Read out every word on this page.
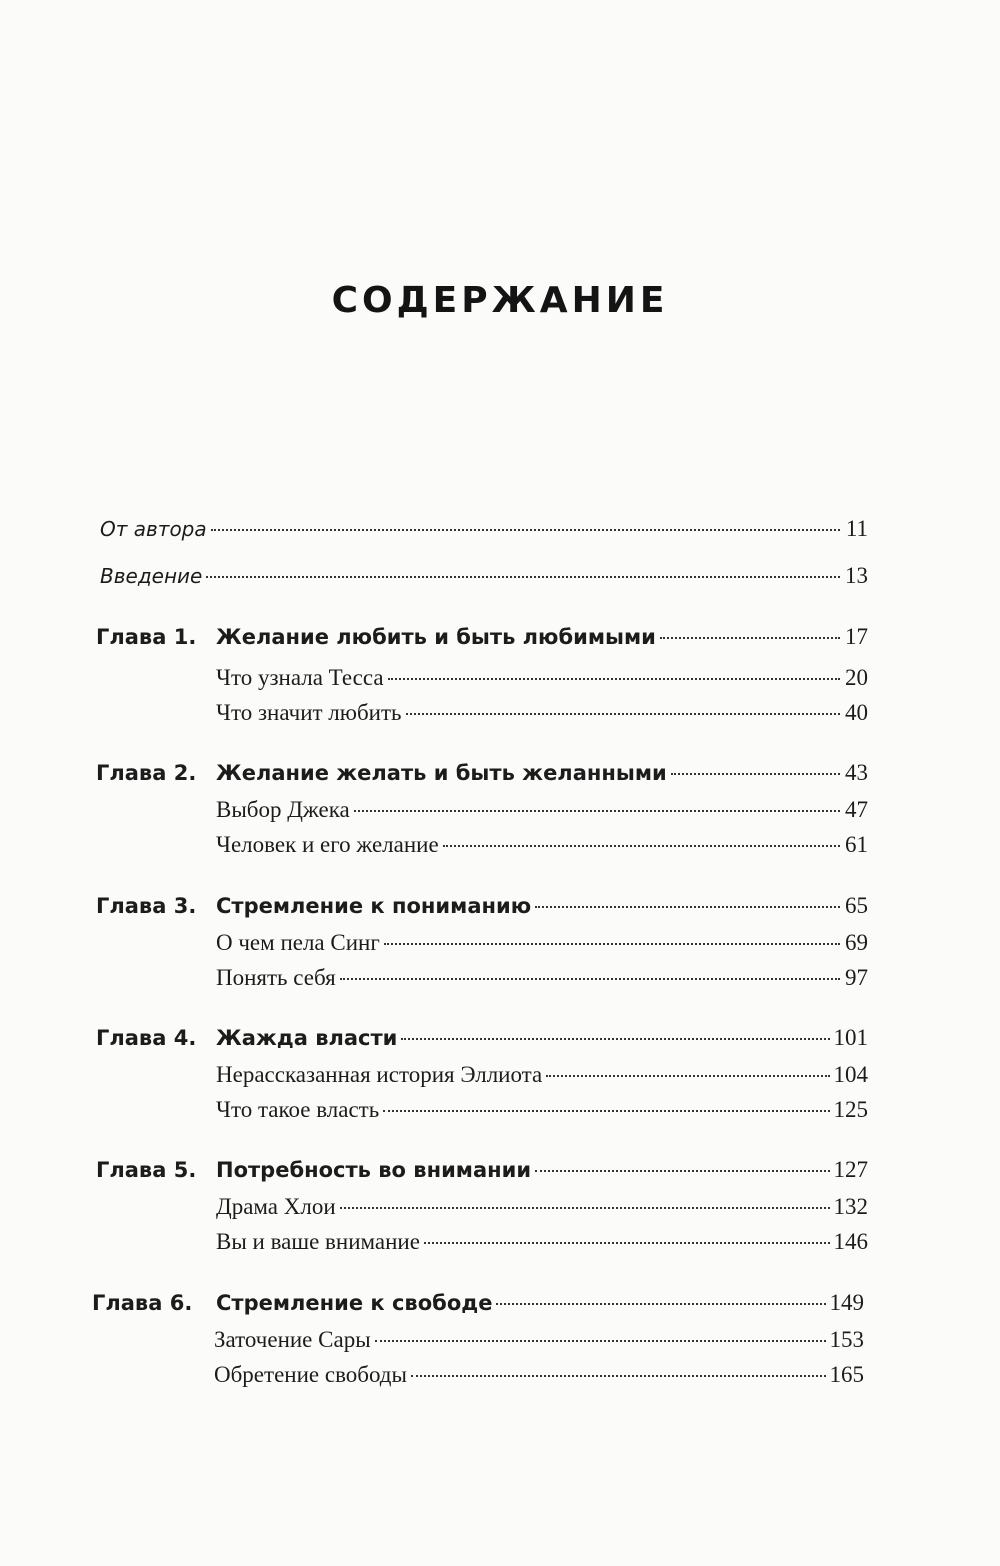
СОДЕРЖАНИЕ
От автора	11
Введение	13
Глава 1. Желание любить и быть любимыми	17
Что узнала Тесса	20
Что значит любить	40
Глава 2. Желание желать и быть желанными	43
Выбор Джека	47
Человек и его желание	61
Глава 3. Стремление к пониманию	65
О чем пела Синг	69
Понять себя	97
Глава 4. Жажда власти	101
Нерассказанная история Эллиота	104
Что такое власть	125
Глава 5. Потребность во внимании	127
Драма Хлои	132
Вы и ваше внимание	146
Глава 6.	Стремление к свободе	149
Заточение Сары	153
Обретение свободы	165
